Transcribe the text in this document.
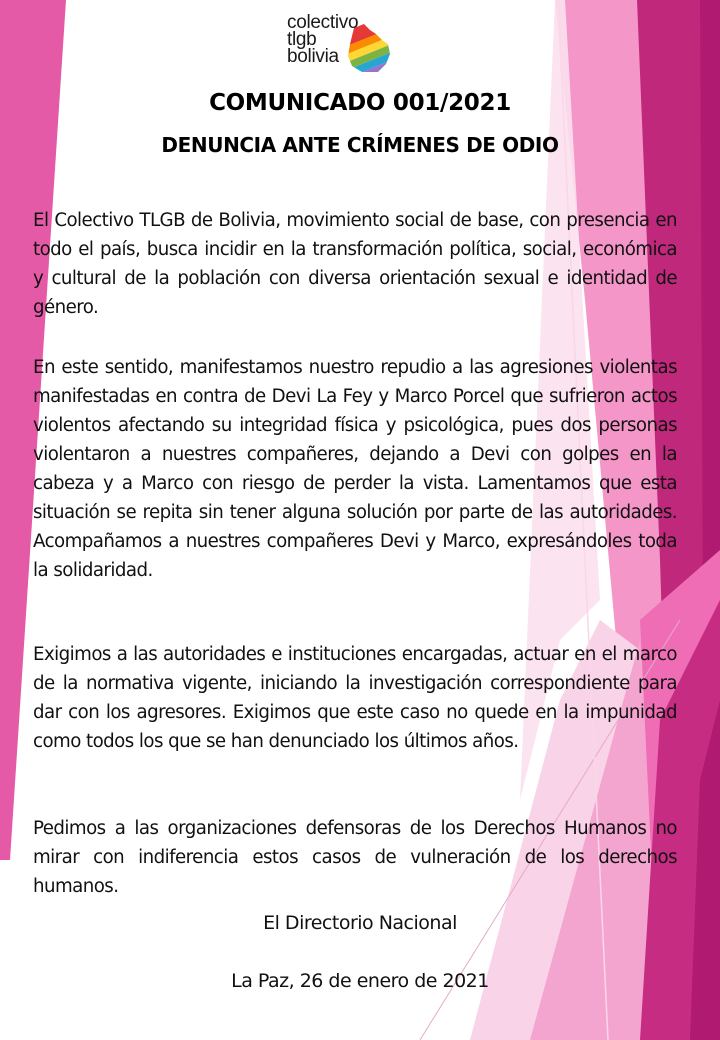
colectivo
tlgb
bolivia
COMUNICADO 001/2021
DENUNCIA ANTE CRÍMENES DE ODIO

El Colectivo TLGB de Bolivia, movimiento social de base, con presencia en todo el país, busca incidir en la transformación política, social, económica y cultural de la población con diversa orientación sexual e identidad de género.

En este sentido, manifestamos nuestro repudio a las agresiones violentas manifestadas en contra de Devi La Fey y Marco Porcel que sufrieron actos violentos afectando su integridad física y psicológica, pues dos personas violentaron a nuestres compañeres, dejando a Devi con golpes en la cabeza y a Marco con riesgo de perder la vista. Lamentamos que esta situación se repita sin tener alguna solución por parte de las autoridades. Acompañamos a nuestres compañeres Devi y Marco, expresándoles toda la solidaridad.

Exigimos a las autoridades e instituciones encargadas, actuar en el marco de la normativa vigente, iniciando la investigación correspondiente para dar con los agresores. Exigimos que este caso no quede en la impunidad como todos los que se han denunciado los últimos años.

Pedimos a las organizaciones defensoras de los Derechos Humanos no mirar con indiferencia estos casos de vulneración de los derechos humanos.

El Directorio Nacional
La Paz, 26 de enero de 2021
